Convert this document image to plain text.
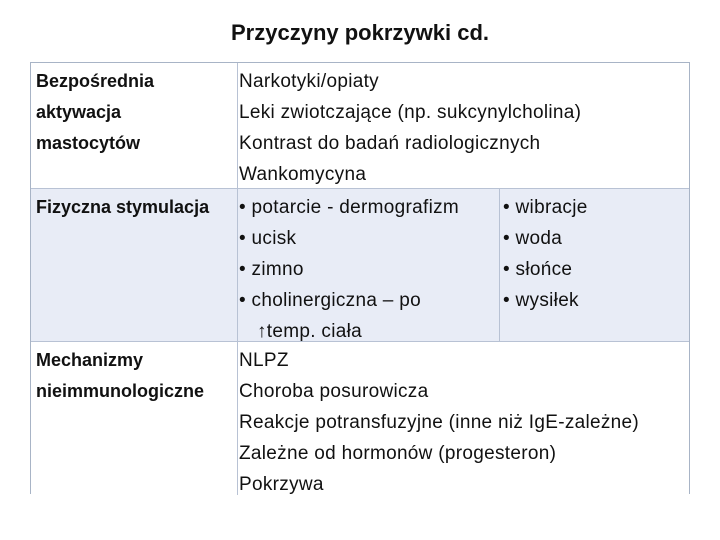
Przyczyny pokrzywki cd.
Bezpośrednia
aktywacja
mastocytów
Narkotyki/opiaty
Leki zwiotczające (np. sukcynylcholina)
Kontrast do badań radiologicznych
Wankomycyna
Fizyczna stymulacja	• potarcie - dermografizm
• ucisk
• zimno
• cholinergiczna – po
↑temp. ciała
• wibracje
• woda
• słońce
• wysiłek
Mechanizmy
nieimmunologiczne
NLPZ
Choroba posurowicza
Reakcje potransfuzyjne (inne niż IgE-zależne)
Zależne od hormonów (progesteron)
Pokrzywa
